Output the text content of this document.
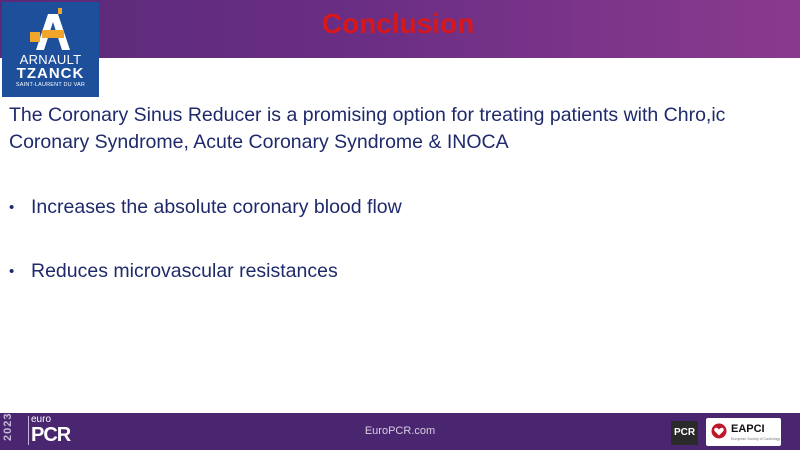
Conclusion
ARNAULT
TZANCK
SAINT-LAURENT DU VAR

The Coronary Sinus Reducer is a promising option for treating patients with Chro,ic Coronary Syndrome, Acute Coronary Syndrome & INOCA

• Increases the absolute coronary blood flow
• Reduces microvascular resistances
2023 euro
PCR	EuroPCR.com	PCR	EAPCI
European Society of Cardiology
